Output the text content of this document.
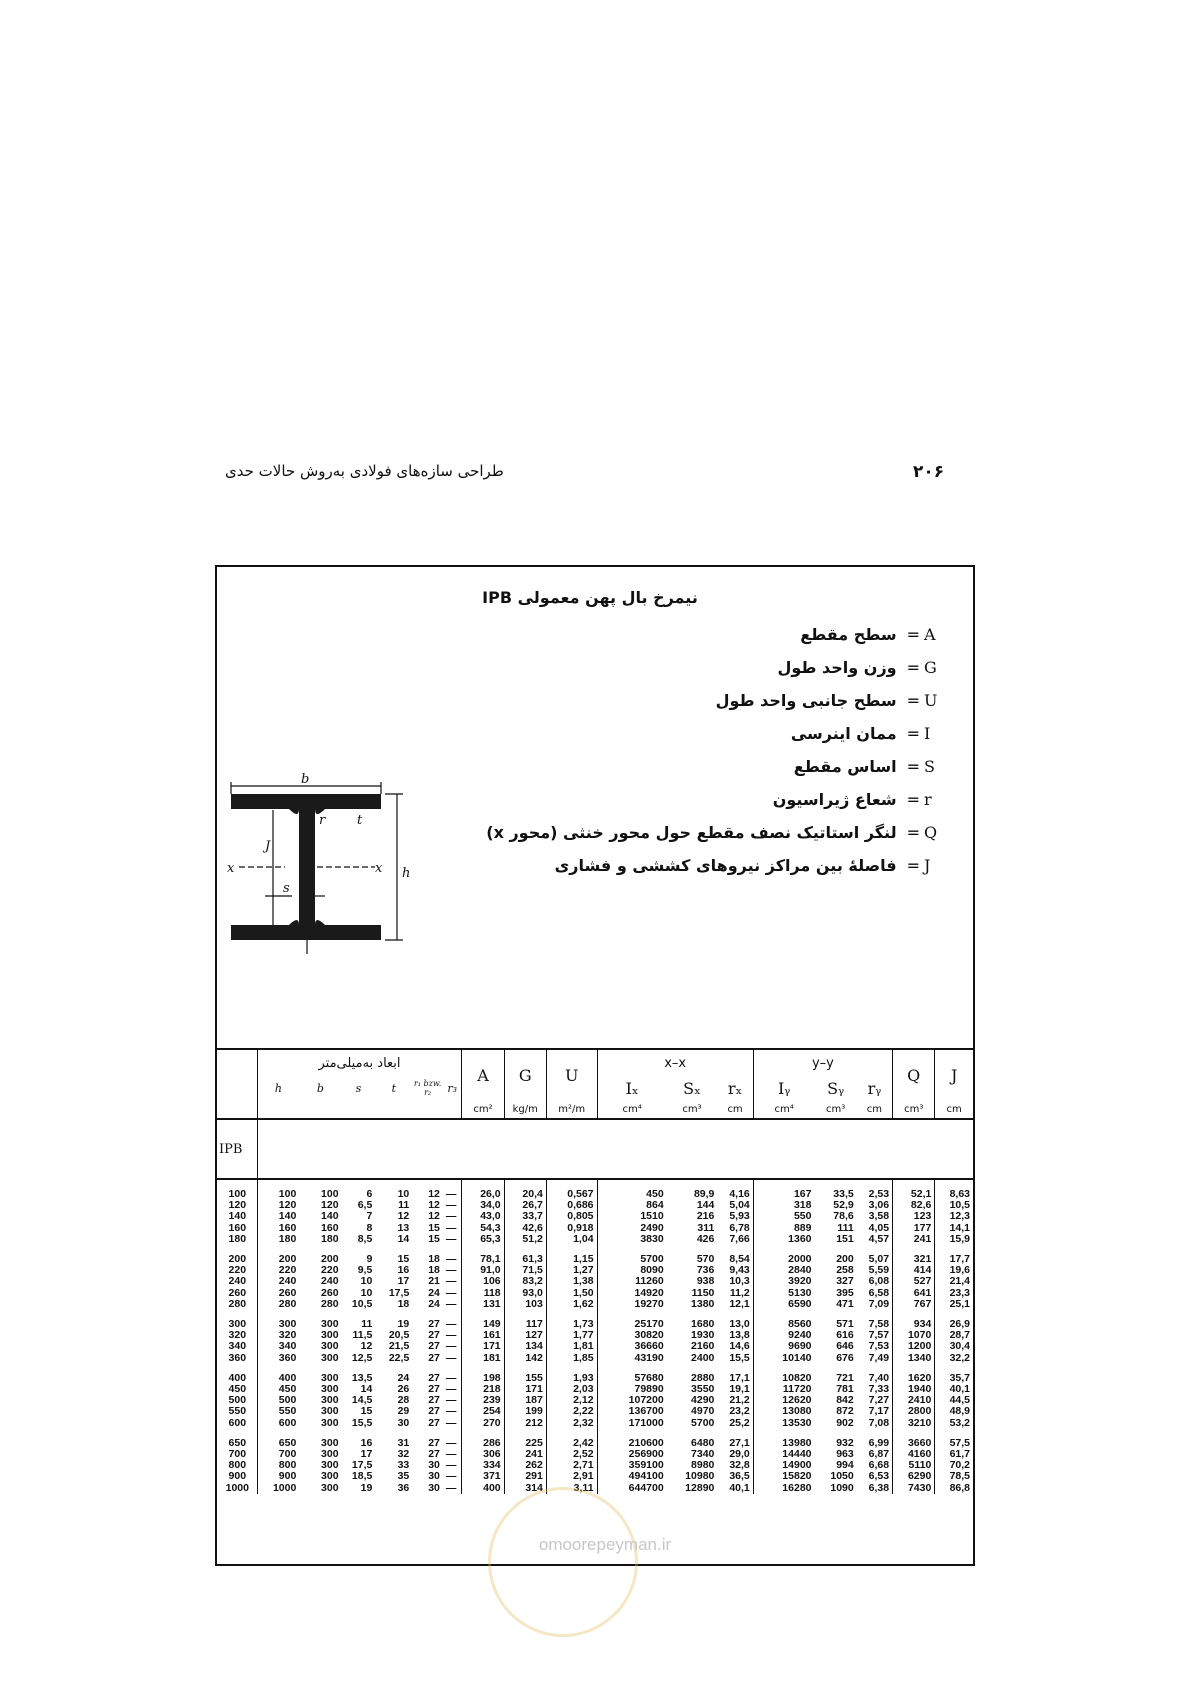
۲۰۶
طراحی سازه‌های فولادی به‌روش حالات حدی
نیمرخ بال پهن معمولی IPB
سطح مقطع = A
وزن واحد طول = G
سطح جانبی واحد طول = U
ممان اینرسی = I
اساس مقطع = S
شعاع ژیراسیون = r
لنگر استاتیک نصف مقطع حول محور خنثی (محور x) = Q
فاصلهٔ بین مراکز نیروهای کششی و فشاری = J
b
h
x	x
J
s
t
r
	ابعاد به‌میلی‌متر						A	G	U	x–x			y–y			Q	J
	h	b	s	t	r₁ bzw. r₂	r₃				Iₓ	Sₓ	rₓ	Iᵧ	Sᵧ	rᵧ		
							cm²	kg/m	m²/m	cm⁴	cm³	cm	cm⁴	cm³	cm	cm³	cm
IPB																	

100	100	100	6	10	12	—	26,0	20,4	0,567	450	89,9	4,16	167	33,5	2,53	52,1	8,63
120	120	120	6,5	11	12	—	34,0	26,7	0,686	864	144	5,04	318	52,9	3,06	82,6	10,5
140	140	140	7	12	12	—	43,0	33,7	0,805	1510	216	5,93	550	78,6	3,58	123	12,3
160	160	160	8	13	15	—	54,3	42,6	0,918	2490	311	6,78	889	111	4,05	177	14,1
180	180	180	8,5	14	15	—	65,3	51,2	1,04	3830	426	7,66	1360	151	4,57	241	15,9

200	200	200	9	15	18	—	78,1	61,3	1,15	5700	570	8,54	2000	200	5,07	321	17,7
220	220	220	9,5	16	18	—	91,0	71,5	1,27	8090	736	9,43	2840	258	5,59	414	19,6
240	240	240	10	17	21	—	106	83,2	1,38	11260	938	10,3	3920	327	6,08	527	21,4
260	260	260	10	17,5	24	—	118	93,0	1,50	14920	1150	11,2	5130	395	6,58	641	23,3
280	280	280	10,5	18	24	—	131	103	1,62	19270	1380	12,1	6590	471	7,09	767	25,1

300	300	300	11	19	27	—	149	117	1,73	25170	1680	13,0	8560	571	7,58	934	26,9
320	320	300	11,5	20,5	27	—	161	127	1,77	30820	1930	13,8	9240	616	7,57	1070	28,7
340	340	300	12	21,5	27	—	171	134	1,81	36660	2160	14,6	9690	646	7,53	1200	30,4
360	360	300	12,5	22,5	27	—	181	142	1,85	43190	2400	15,5	10140	676	7,49	1340	32,2

400	400	300	13,5	24	27	—	198	155	1,93	57680	2880	17,1	10820	721	7,40	1620	35,7
450	450	300	14	26	27	—	218	171	2,03	79890	3550	19,1	11720	781	7,33	1940	40,1
500	500	300	14,5	28	27	—	239	187	2,12	107200	4290	21,2	12620	842	7,27	2410	44,5
550	550	300	15	29	27	—	254	199	2,22	136700	4970	23,2	13080	872	7,17	2800	48,9
600	600	300	15,5	30	27	—	270	212	2,32	171000	5700	25,2	13530	902	7,08	3210	53,2

650	650	300	16	31	27	—	286	225	2,42	210600	6480	27,1	13980	932	6,99	3660	57,5
700	700	300	17	32	27	—	306	241	2,52	256900	7340	29,0	14440	963	6,87	4160	61,7
800	800	300	17,5	33	30	—	334	262	2,71	359100	8980	32,8	14900	994	6,68	5110	70,2
900	900	300	18,5	35	30	—	371	291	2,91	494100	10980	36,5	15820	1050	6,53	6290	78,5
1000	1000	300	19	36	30	—	400	314	3,11	644700	12890	40,1	16280	1090	6,38	7430	86,8
omoorepeyman.ir
